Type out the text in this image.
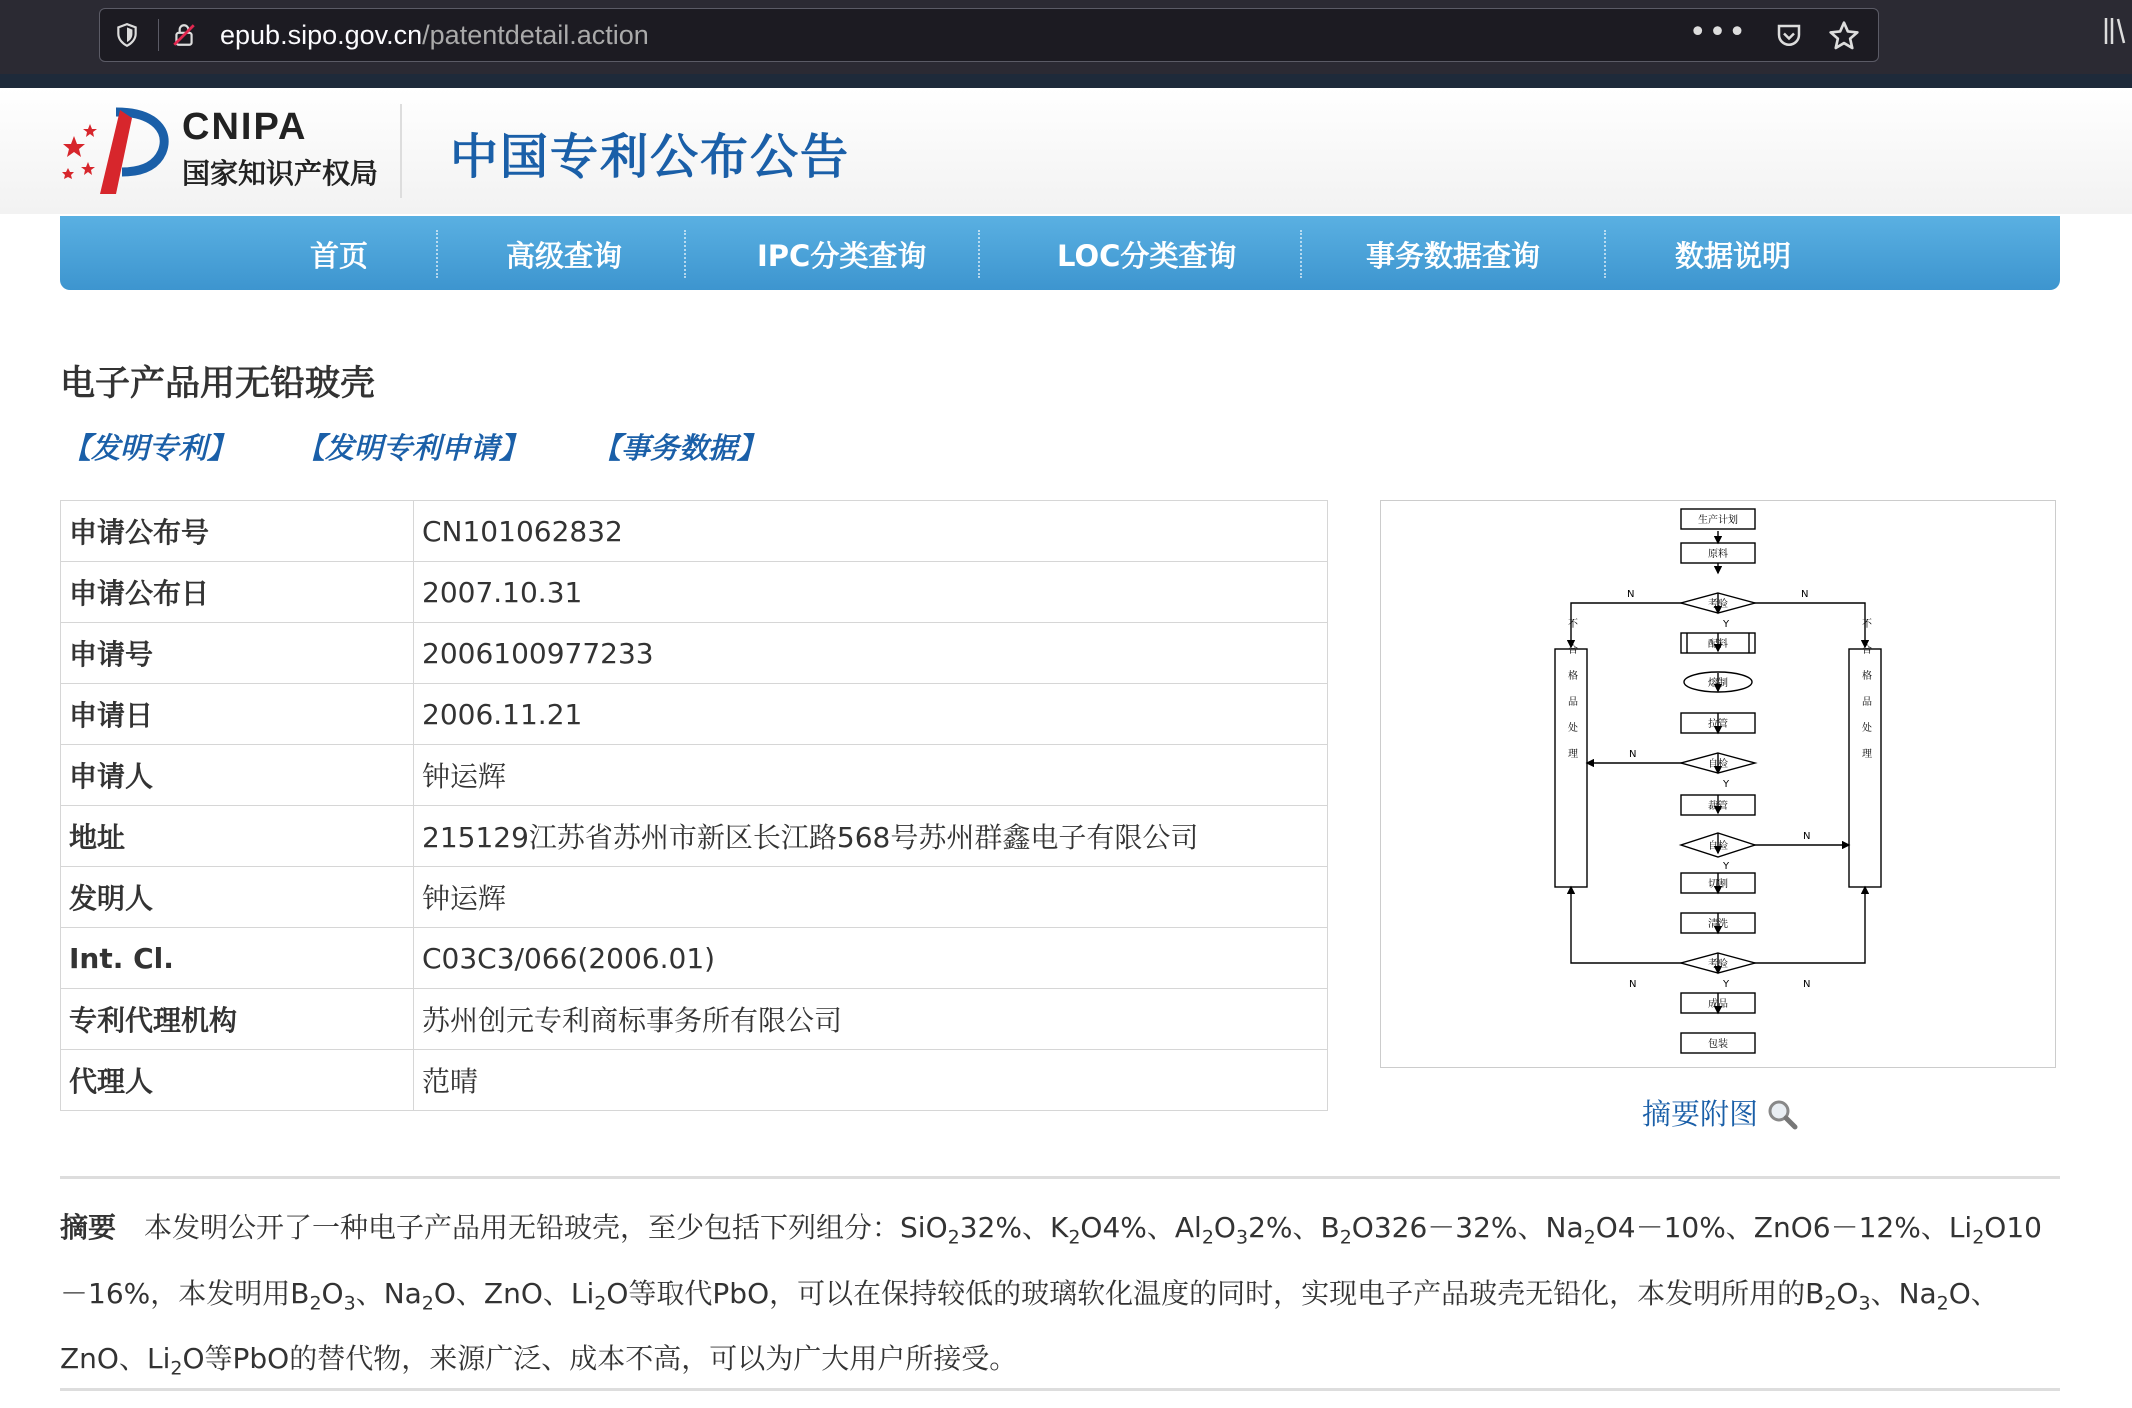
epub.sipo.gov.cn/patentdetail.action	•••
CNIPA
国家知识产权局 中国专利公布公告
首页	高级查询	IPC分类查询	LOC分类查询	事务数据查询	数据说明
电子产品用无铅玻壳
【发明专利】 【发明专利申请】 【事务数据】
申请公布号	CN101062832
申请公布日	2007.10.31
申请号	2006100977233
申请日	2006.11.21
申请人	钟运辉
地址	215129江苏省苏州市新区长江路568号苏州群鑫电子有限公司
发明人	钟运辉
Int. Cl.	C03C3/066(2006.01)
专利代理机构	苏州创元专利商标事务所有限公司
代理人	范晴
生产计划
原料
考验
配料
熔制
拉管
自检
裁管
自检
切割
清洗
考验
成品
包装
不合格品处理	不合格品处理
N	N
Y
N
Y
N
Y
N	N
Y
摘要附图
摘要 本发明公开了一种电子产品用无铅玻壳，至少包括下列组分：SiO$_2$32%、$K_2O4\%$、$Al_2O_32\%$、$B_2O326-32\%$、$Na_2O4-10\%$、ZnO6－12%、$Li_2O10-16\%$，本发明用$B_2O_3$、$Na_2O$、ZnO、$Li_2O$等取代PbO，可以在保持较低的玻璃软化温度的同时，实现电子产品玻壳无铅化，本发明所用的$B_2O_3$、$Na_2O$、ZnO、$Li_2O$等PbO的替代物，来源广泛、成本不高，可以为广大用户所接受。
